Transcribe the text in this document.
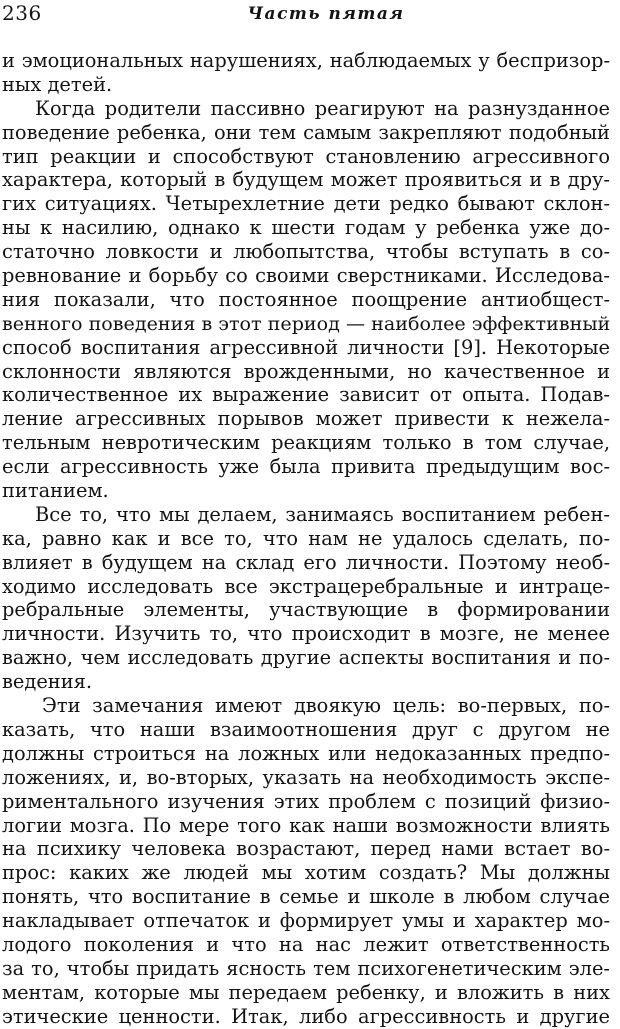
236	Часть пятая
и эмоциональных нарушениях, наблюдаемых у беспризор-
ных детей.
Когда родители пассивно реагируют на разнузданное
поведение ребенка, они тем самым закрепляют подобный
тип реакции и способствуют становлению агрессивного
характера, который в будущем может проявиться и в дру-
гих ситуациях. Четырехлетние дети редко бывают склон-
ны к насилию, однако к шести годам у ребенка уже до-
статочно ловкости и любопытства, чтобы вступать в со-
ревнование и борьбу со своими сверстниками. Исследова-
ния показали, что постоянное поощрение антиобщест-
венного поведения в этот период — наиболее эффективный
способ воспитания агрессивной личности [9]. Некоторые
склонности являются врожденными, но качественное и
количественное их выражение зависит от опыта. Подав-
ление агрессивных порывов может привести к нежела-
тельным невротическим реакциям только в том случае,
если агрессивность уже была привита предыдущим вос-
питанием.
Все то, что мы делаем, занимаясь воспитанием ребен-
ка, равно как и все то, что нам не удалось сделать, по-
влияет в будущем на склад его личности. Поэтому необ-
ходимо исследовать все экстрацеребральные и интраце-
ребральные элементы, участвующие в формировании
личности. Изучить то, что происходит в мозге, не менее
важно, чем исследовать другие аспекты воспитания и по-
ведения.
Эти замечания имеют двоякую цель: во-первых, по-
казать, что наши взаимоотношения друг с другом не
должны строиться на ложных или недоказанных предпо-
ложениях, и, во-вторых, указать на необходимость экспе-
риментального изучения этих проблем с позиций физио-
логии мозга. По мере того как наши возможности влиять
на психику человека возрастают, перед нами встает во-
прос: каких же людей мы хотим создать? Мы должны
понять, что воспитание в семье и школе в любом случае
накладывает отпечаток и формирует умы и характер мо-
лодого поколения и что на нас лежит ответственность
за то, чтобы придать ясность тем психогенетическим эле-
ментам, которые мы передаем ребенку, и вложить в них
этические ценности. Итак, либо агрессивность и другие
